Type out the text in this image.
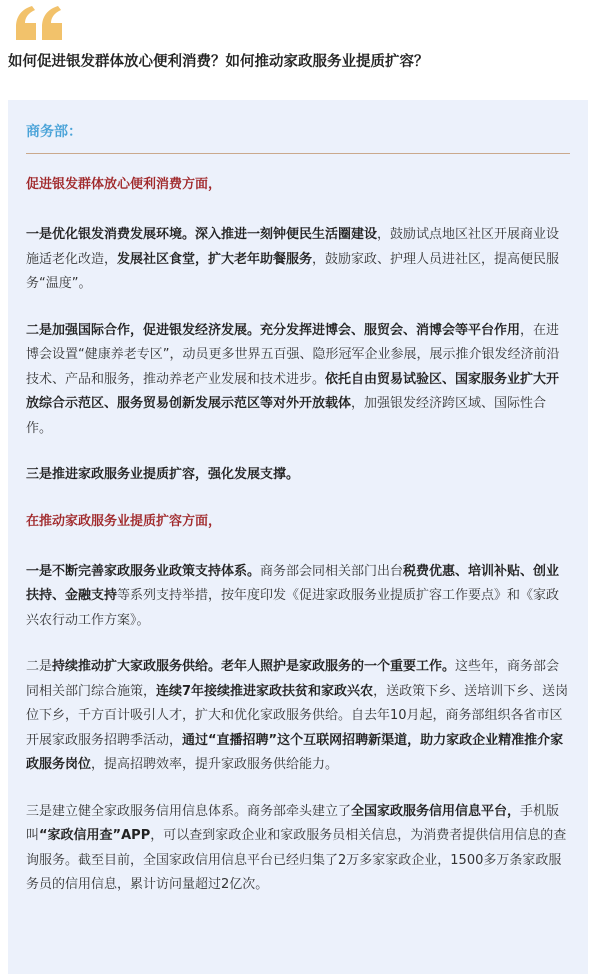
如何促进银发群体放心便利消费？如何推动家政服务业提质扩容？
商务部：

促进银发群体放心便利消费方面，

一是优化银发消费发展环境。深入推进一刻钟便民生活圈建设，鼓励试点地区社区开展商业设施适老化改造，发展社区食堂，扩大老年助餐服务，鼓励家政、护理人员进社区，提高便民服务“温度”。

二是加强国际合作，促进银发经济发展。充分发挥进博会、服贸会、消博会等平台作用，在进博会设置“健康养老专区”，动员更多世界五百强、隐形冠军企业参展，展示推介银发经济前沿技术、产品和服务，推动养老产业发展和技术进步。依托自由贸易试验区、国家服务业扩大开放综合示范区、服务贸易创新发展示范区等对外开放载体，加强银发经济跨区域、国际性合作。

三是推进家政服务业提质扩容，强化发展支撑。

在推动家政服务业提质扩容方面，

一是不断完善家政服务业政策支持体系。商务部会同相关部门出台税费优惠、培训补贴、创业扶持、金融支持等系列支持举措，按年度印发《促进家政服务业提质扩容工作要点》和《家政兴农行动工作方案》。

二是持续推动扩大家政服务供给。老年人照护是家政服务的一个重要工作。这些年，商务部会同相关部门综合施策，连续7年接续推进家政扶贫和家政兴农，送政策下乡、送培训下乡、送岗位下乡，千方百计吸引人才，扩大和优化家政服务供给。自去年10月起，商务部组织各省市区开展家政服务招聘季活动，通过“直播招聘”这个互联网招聘新渠道，助力家政企业精准推介家政服务岗位，提高招聘效率，提升家政服务供给能力。

三是建立健全家政服务信用信息体系。商务部牵头建立了全国家政服务信用信息平台，手机版叫“家政信用查”APP，可以查到家政企业和家政服务员相关信息，为消费者提供信用信息的查询服务。截至目前，全国家政信用信息平台已经归集了2万多家家政企业，1500多万条家政服务员的信用信息，累计访问量超过2亿次。
